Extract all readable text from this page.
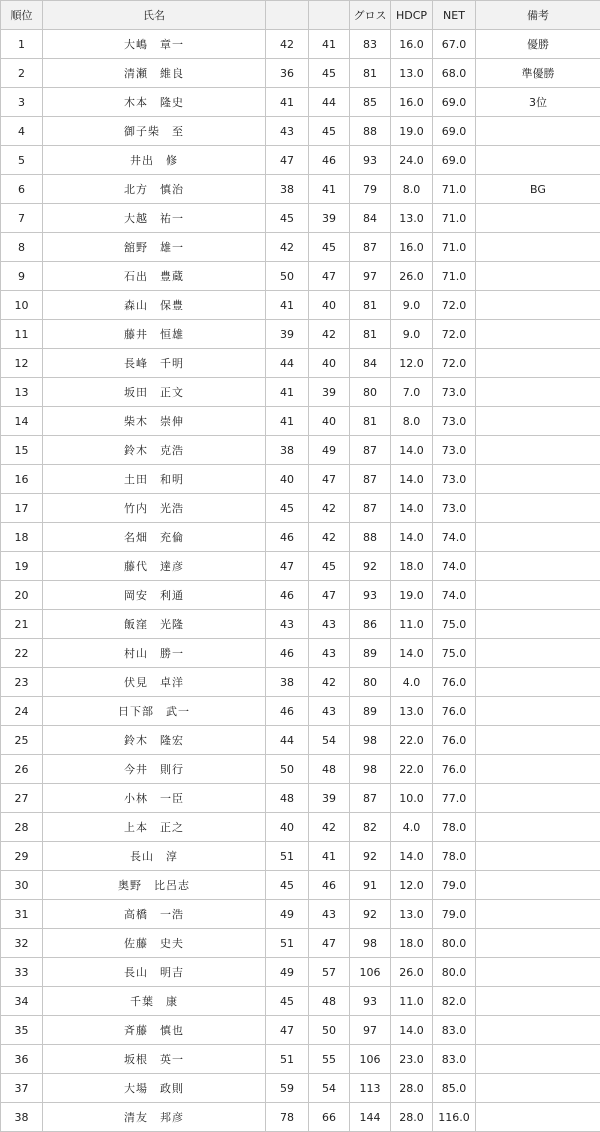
順位	氏名			グロス	HDCP	NET	備考
1	大嶋　章一	42	41	83	16.0	67.0	優勝
2	清瀬　維良	36	45	81	13.0	68.0	準優勝
3	木本　隆史	41	44	85	16.0	69.0	3位
4	御子柴　至	43	45	88	19.0	69.0	
5	井出　修	47	46	93	24.0	69.0	
6	北方　慎治	38	41	79	8.0	71.0	BG
7	大越　祐一	45	39	84	13.0	71.0	
8	舘野　雄一	42	45	87	16.0	71.0	
9	石出　豊蔵	50	47	97	26.0	71.0	
10	森山　保豊	41	40	81	9.0	72.0	
11	藤井　恒雄	39	42	81	9.0	72.0	
12	長峰　千明	44	40	84	12.0	72.0	
13	坂田　正文	41	39	80	7.0	73.0	
14	柴木　崇伸	41	40	81	8.0	73.0	
15	鈴木　克浩	38	49	87	14.0	73.0	
16	土田　和明	40	47	87	14.0	73.0	
17	竹内　光浩	45	42	87	14.0	73.0	
18	名畑　充倫	46	42	88	14.0	74.0	
19	藤代　達彦	47	45	92	18.0	74.0	
20	岡安　利通	46	47	93	19.0	74.0	
21	飯窪　光隆	43	43	86	11.0	75.0	
22	村山　勝一	46	43	89	14.0	75.0	
23	伏見　卓洋	38	42	80	4.0	76.0	
24	日下部　武一	46	43	89	13.0	76.0	
25	鈴木　隆宏	44	54	98	22.0	76.0	
26	今井　則行	50	48	98	22.0	76.0	
27	小林　一臣	48	39	87	10.0	77.0	
28	上本　正之	40	42	82	4.0	78.0	
29	長山　淳	51	41	92	14.0	78.0	
30	奥野　比呂志	45	46	91	12.0	79.0	
31	高橋　一浩	49	43	92	13.0	79.0	
32	佐藤　史夫	51	47	98	18.0	80.0	
33	長山　明吉	49	57	106	26.0	80.0	
34	千葉　康	45	48	93	11.0	82.0	
35	斉藤　慎也	47	50	97	14.0	83.0	
36	坂根　英一	51	55	106	23.0	83.0	
37	大場　政則	59	54	113	28.0	85.0	
38	清友　邦彦	78	66	144	28.0	116.0	
